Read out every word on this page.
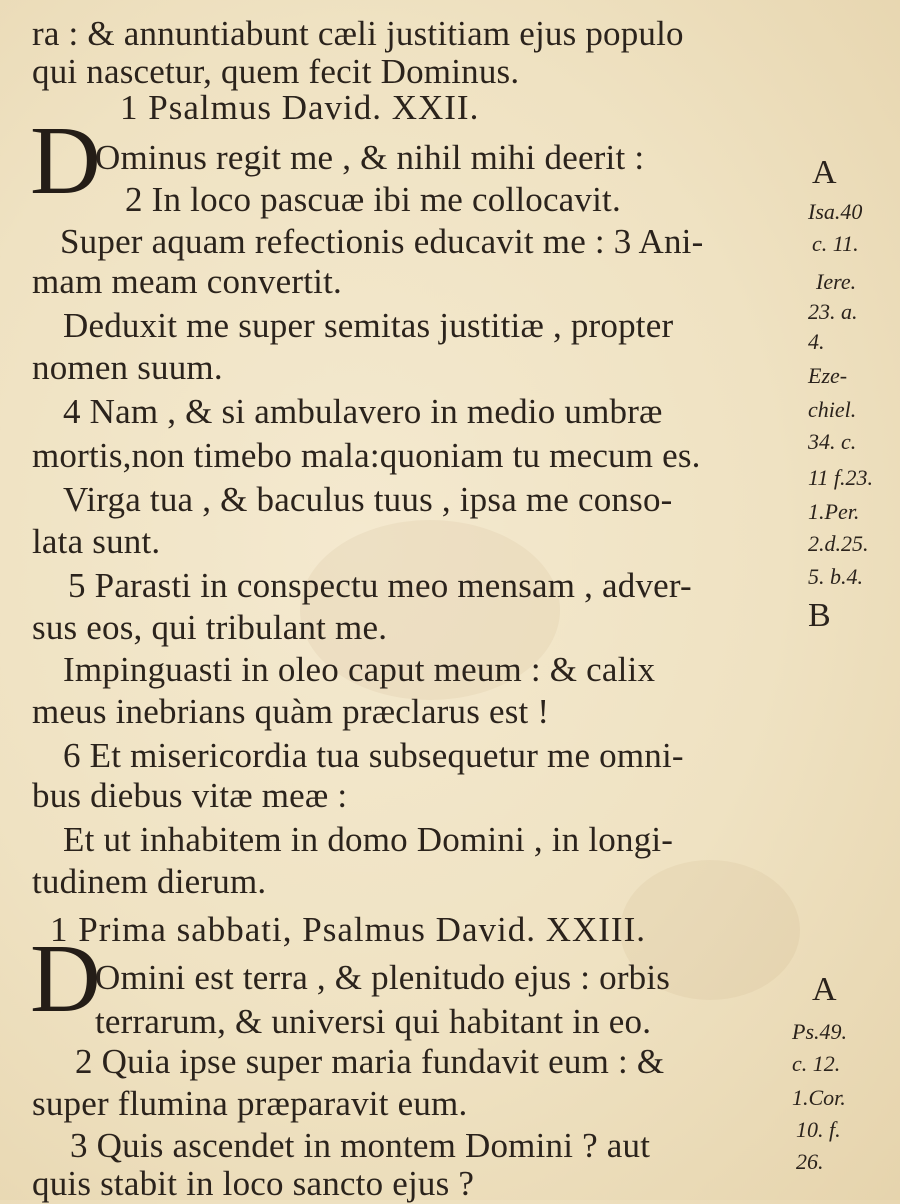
ra : & annuntiabunt cæli justitiam ejus populo
qui nascetur, quem fecit Dominus.
1 Psalmus David. XXII.
Ominus regit me , & nihil mihi deerit :
2 In loco pascuæ ibi me collocavit.
Super aquam refectionis educavit me : 3 Ani-
mam meam convertit.
Deduxit me super semitas justitiæ , propter
nomen suum.
4 Nam , & si ambulavero in medio umbræ
mortis,non timebo mala:quoniam tu mecum es.
Virga tua , & baculus tuus , ipsa me conso-
lata sunt.
5 Parasti in conspectu meo mensam , adver-
sus eos, qui tribulant me.
Impinguasti in oleo caput meum : & calix
meus inebrians quàm præclarus est !
6 Et misericordia tua subsequetur me omni-
bus diebus vitæ meæ :
Et ut inhabitem in domo Domini , in longi-
tudinem dierum.
1 Prima sabbati, Psalmus David. XXIII.
Omini est terra , & plenitudo ejus : orbis
terrarum, & universi qui habitant in eo.
2 Quia ipse super maria fundavit eum : &
super flumina præparavit eum.
3 Quis ascendet in montem Domini ? aut
quis stabit in loco sancto ejus ?
D
D
A
Isa.40
c. 11.
Iere.
23. a.
4.
Eze-
chiel.
34. c.
11 f.23.
1.Per.
2.d.25.
5. b.4.
B
A
Ps.49.
c. 12.
1.Cor.
10. f.
26.
